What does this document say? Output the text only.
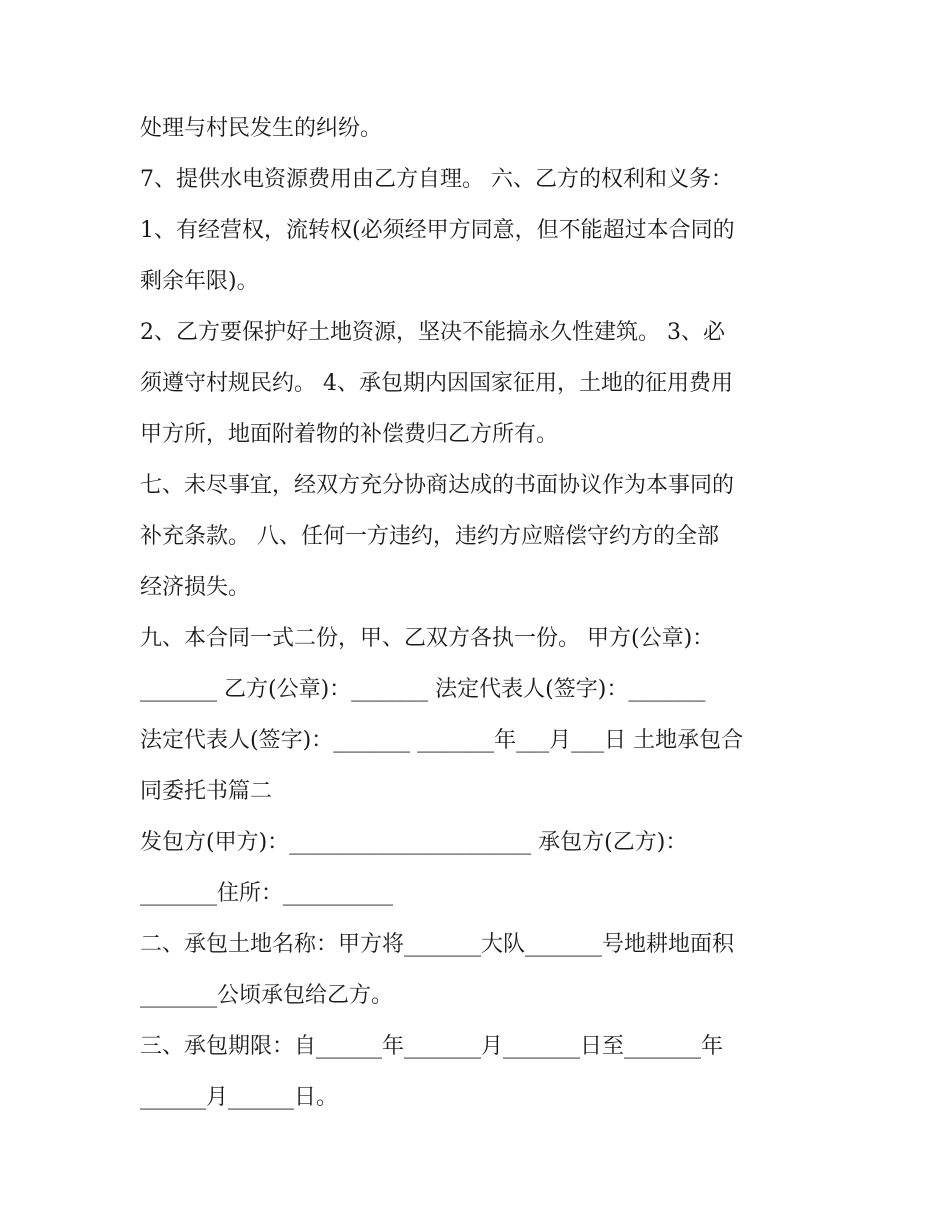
处理与村民发生的纠纷。
7、提供水电资源费用由乙方自理。 六、乙方的权利和义务：
1、有经营权，流转权(必须经甲方同意，但不能超过本合同的
剩余年限)。
2、乙方要保护好土地资源，坚决不能搞永久性建筑。 3、必
须遵守村规民约。 4、承包期内因国家征用，土地的征用费用
甲方所，地面附着物的补偿费归乙方所有。
七、未尽事宜，经双方充分协商达成的书面协议作为本事同的
补充条款。 八、任何一方违约，违约方应赔偿守约方的全部
经济损失。
九、本合同一式二份，甲、乙双方各执一份。 甲方(公章)：
_______ 乙方(公章)：_______ 法定代表人(签字)：_______
法定代表人(签字)：_______ _______年___月___日 土地承包合
同委托书篇二
发包方(甲方)：______________________ 承包方(乙方)：
_______住所：__________
二、承包土地名称：甲方将_______大队_______号地耕地面积
_______公顷承包给乙方。
三、承包期限：自______年_______月_______日至_______年
______月______日。
